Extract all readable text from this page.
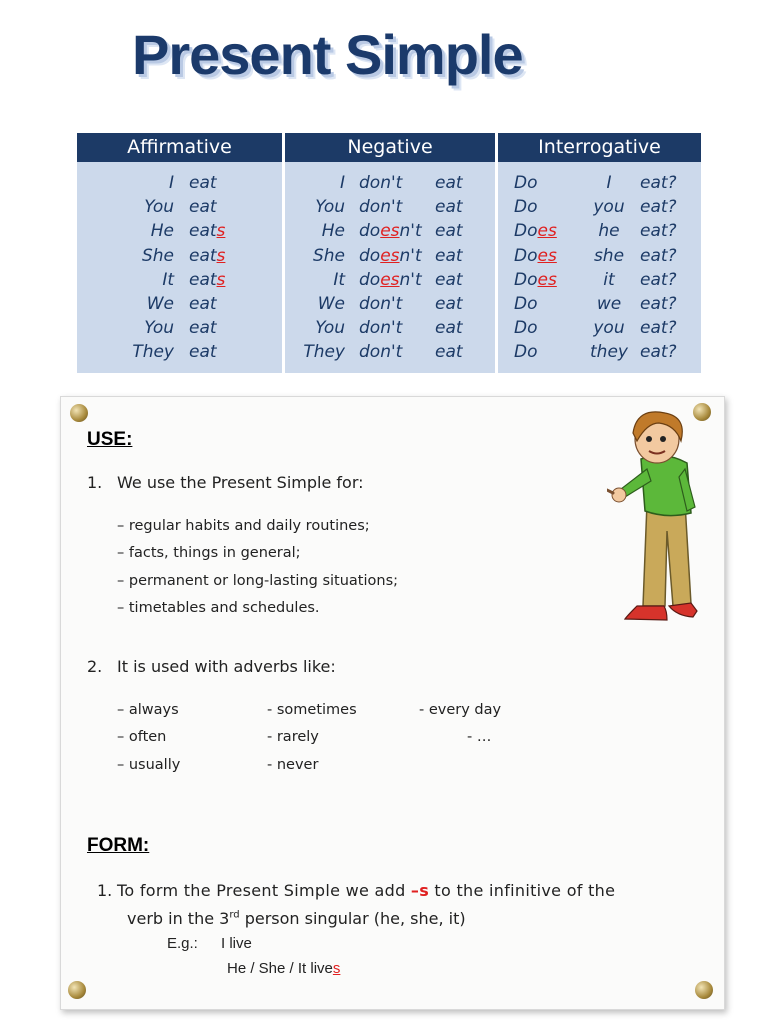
Present Simple
Affirmative
I eat
You eat
He eats
She eats
It eats
We eat
You eat
They eat
Negative
I don't eat
You don't eat
He doesn't eat
She doesn't eat
It doesn't eat
We don't eat
You don't eat
They don't eat
Interrogative
Do	I	eat?
Do	you eat?
Does	he	eat?
Does she eat?
Does	it	eat?
Do	we	eat?
Do	you eat?
Do	they eat?
USE:
1. We use the Present Simple for:
– regular habits and daily routines;
– facts, things in general;
– permanent or long-lasting situations;
– timetables and schedules.
2. It is used with adverbs like:
– always	- sometimes	- every day
– often	- rarely	- …
– usually	- never
FORM:
1. To form the Present Simple we add –s to the infinitive of the
verb in the 3rd person singular (he, she, it)
E.g.: I live
He / She / It lives
